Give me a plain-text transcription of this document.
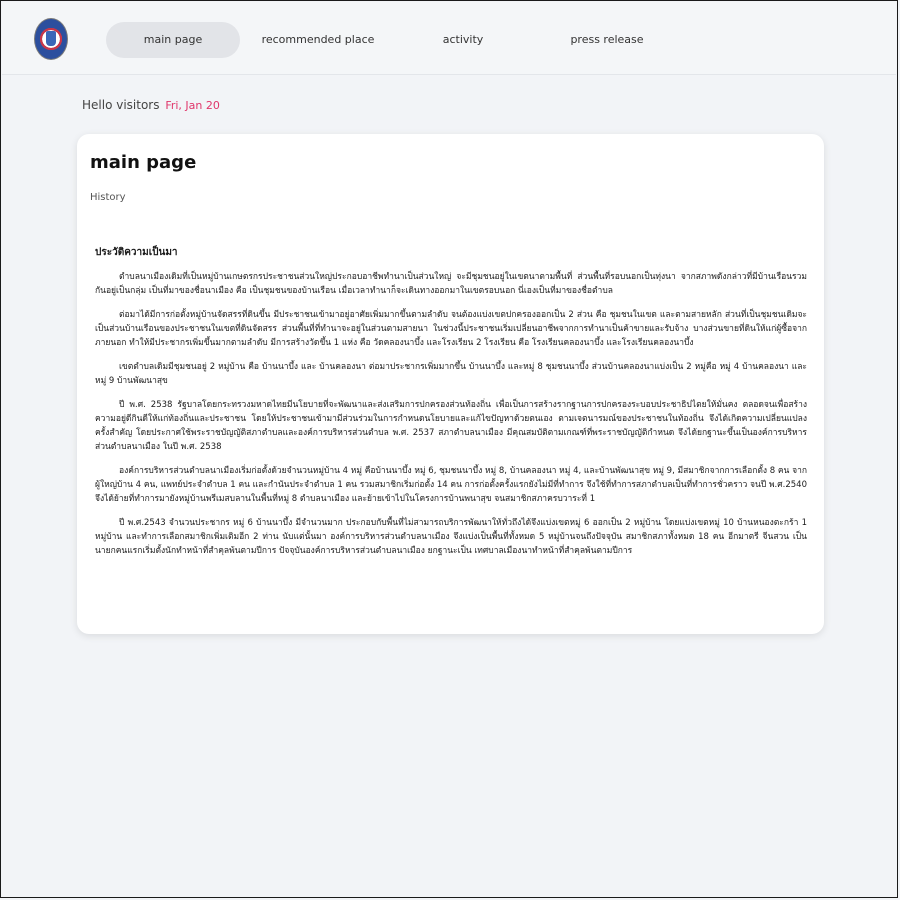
main page	recommended place	activity	press release
Hello visitors Fri, Jan 20
main page
History
ประวัติความเป็นมา

ตำบลนาเมืองเดิมที่เป็นหมู่บ้านเกษตรกรประชาชนส่วนใหญ่ประกอบอาชีพทำนาเป็นส่วนใหญ่ จะมีชุมชนอยู่ในเขตนาตามพื้นที่ ส่วนพื้นที่รอบนอกเป็นทุ่งนา จากสภาพดังกล่าวที่มีบ้านเรือนรวมกันอยู่เป็นกลุ่ม เป็นที่มาของชื่อนาเมือง คือ เป็นชุมชนของบ้านเรือน เมื่อเวลาทำนาก็จะเดินทางออกมาในเขตรอบนอก นี่เองเป็นที่มาของชื่อตำบล

ต่อมาได้มีการก่อตั้งหมู่บ้านจัดสรรที่ดินขึ้น มีประชาชนเข้ามาอยู่อาศัยเพิ่มมากขึ้นตามลำดับ จนต้องแบ่งเขตปกครองออกเป็น 2 ส่วน คือ ชุมชนในเขต และตามสายหลัก ส่วนที่เป็นชุมชนเดิมจะเป็นส่วนบ้านเรือนของประชาชนในเขตที่ดินจัดสรร ส่วนพื้นที่ที่ทำนาจะอยู่ในส่วนตามสายนา ในช่วงนี้ประชาชนเริ่มเปลี่ยนอาชีพจากการทำนาเป็นค้าขายและรับจ้าง บางส่วนขายที่ดินให้แก่ผู้ซื้อจากภายนอก ทำให้มีประชากรเพิ่มขึ้นมากตามลำดับ มีการสร้างวัดขึ้น 1 แห่ง คือ วัดคลองนาบึ้ง และโรงเรียน 2 โรงเรียน คือ โรงเรียนคลองนาบึ้ง และโรงเรียนคลองนาบึ้ง

เขตตำบลเดิมมีชุมชนอยู่ 2 หมู่บ้าน คือ บ้านนาบึ้ง และ บ้านคลองนา ต่อมาประชากรเพิ่มมากขึ้น บ้านนาบึ้ง และหมู่ 8 ชุมชนนาบึ้ง ส่วนบ้านคลองนาแบ่งเป็น 2 หมู่คือ หมู่ 4 บ้านคลองนา และหมู่ 9 บ้านพัฒนาสุข

ปี พ.ศ. 2538 รัฐบาลโดยกระทรวงมหาดไทยมีนโยบายที่จะพัฒนาและส่งเสริมการปกครองส่วนท้องถิ่น เพื่อเป็นการสร้างรากฐานการปกครองระบอบประชาธิปไตยให้มั่นคง ตลอดจนเพื่อสร้างความอยู่ดีกินดีให้แก่ท้องถิ่นและประชาชน โดยให้ประชาชนเข้ามามีส่วนร่วมในการกำหนดนโยบายและแก้ไขปัญหาด้วยตนเอง ตามเจตนารมณ์ของประชาชนในท้องถิ่น จึงได้เกิดความเปลี่ยนแปลงครั้งสำคัญ โดยประกาศใช้พระราชบัญญัติสภาตำบลและองค์การบริหารส่วนตำบล พ.ศ. 2537 สภาตำบลนาเมือง มีคุณสมบัติตามเกณฑ์ที่พระราชบัญญัติกำหนด จึงได้ยกฐานะขึ้นเป็นองค์การบริหารส่วนตำบลนาเมือง ในปี พ.ศ. 2538

องค์การบริหารส่วนตำบลนาเมืองเริ่มก่อตั้งด้วยจำนวนหมู่บ้าน 4 หมู่ คือบ้านนาบึ้ง หมู่ 6, ชุมชนนาบึ้ง หมู่ 8, บ้านคลองนา หมู่ 4, และบ้านพัฒนาสุข หมู่ 9, มีสมาชิกจากการเลือกตั้ง 8 คน จากผู้ใหญ่บ้าน 4 คน, แพทย์ประจำตำบล 1 คน และกำนันประจำตำบล 1 คน รวมสมาชิกเริ่มก่อตั้ง 14 คน การก่อตั้งครั้งแรกยังไม่มีที่ทำการ จึงใช้ที่ทำการสภาตำบลเป็นที่ทำการชั่วคราว จนปี พ.ศ.2540 จึงได้ย้ายที่ทำการมายังหมู่บ้านพรีเมสบลานในพื้นที่หมู่ 8 ตำบลนาเมือง และย้ายเข้าไปในโครงการบ้านพนาสุข จนสมาชิกสภาครบวาระที่ 1

ปี พ.ศ.2543 จำนวนประชากร หมู่ 6 บ้านนาบึ้ง มีจำนวนมาก ประกอบกับพื้นที่ไม่สามารถบริการพัฒนาให้ทั่วถึงได้จึงแบ่งเขตหมู่ 6 ออกเป็น 2 หมู่บ้าน โดยแบ่งเขตหมู่ 10 บ้านหนองตะกร้า 1 หมู่บ้าน และทำการเลือกสมาชิกเพิ่มเติมอีก 2 ท่าน นับแต่นั้นมา องค์การบริหารส่วนตำบลนาเมือง จึงแบ่งเป็นพื้นที่ทั้งหมด 5 หมู่บ้านจนถึงปัจจุบัน สมาชิกสภาทั้งหมด 18 คน อีกมาตรี จีนสวน เป็นนายกคนแรกเริ่มตั้งนักทำหน้าที่สำคุลพ้นตามปีการ ปัจจุบันองค์การบริหารส่วนตำบลนาเมือง ยกฐานะเป็น เทศบาลเมืองนาทำหน้าที่สำคุลพ้นตามปีการ
